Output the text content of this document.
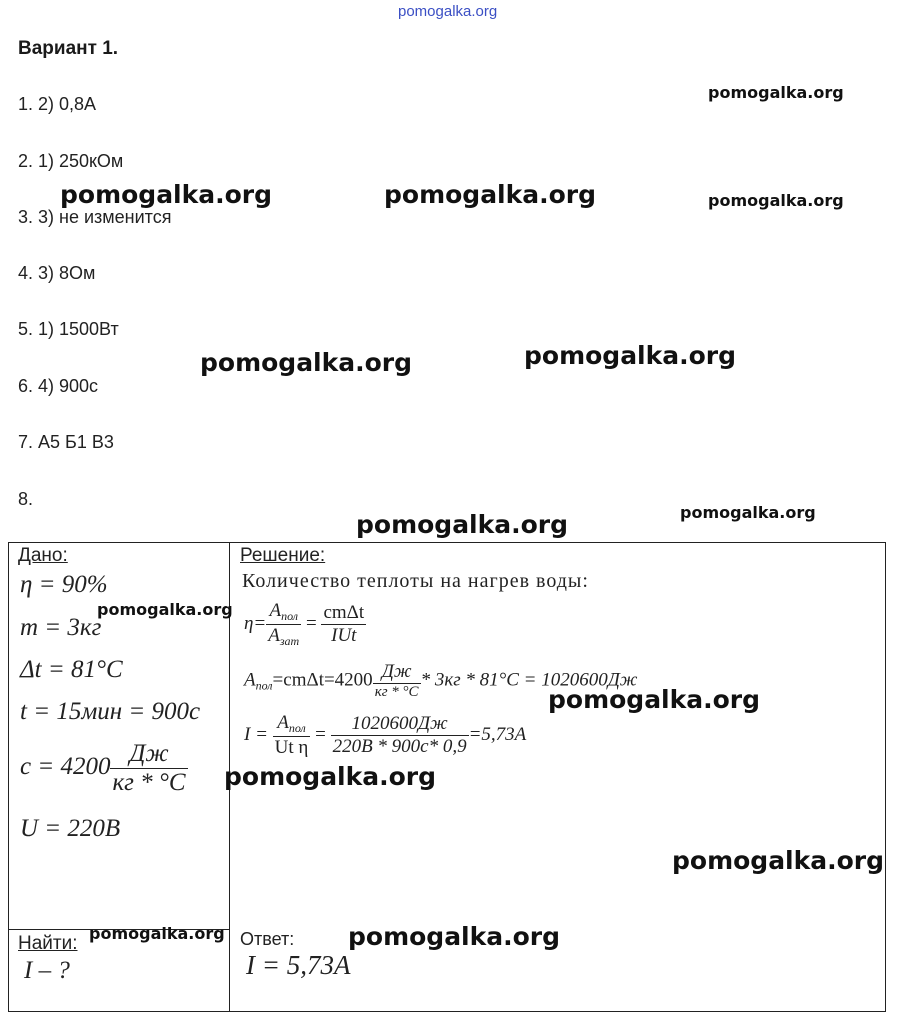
pomogalka.org
Вариант 1.
1. 2) 0,8А
2. 1) 250кОм
3. 3) не изменится
4. 3) 8Ом
5. 1) 1500Вт
6. 4) 900с
7. А5 Б1 В3
8.
pomogalka.org
pomogalka.org	pomogalka.org	pomogalka.org
pomogalka.org	pomogalka.org
pomogalka.org
pomogalka.org
Дано:
η = 90%
m = 3кг
Δt = 81°C
t = 15мин = 900с
$c = 4200 \frac{Дж}{кг * ^\circ C}$
U = 220B
pomogalka.org
pomogalka.org
Найти:
I – ?
pomogalka.org
Решение:
Количество теплоты на нагрев воды:
$\eta= \frac{A_{пол}}{A_{зат}} = \frac{\text{cmΔt}}{\text{IUt}}$
$A_{пол}=cm\Delta t=4200 \frac{Дж}{кг * ^\circ C} * 3кг * 81^\circ C = 1020600Дж$
$I = \frac{A_{пол}}{\text{Ut η}} = \frac{1020600Дж}{220B * 900c* 0,9} =5,73A$
pomogalka.org
pomogalka.org
Ответ:
I = 5,73A
pomogalka.org
